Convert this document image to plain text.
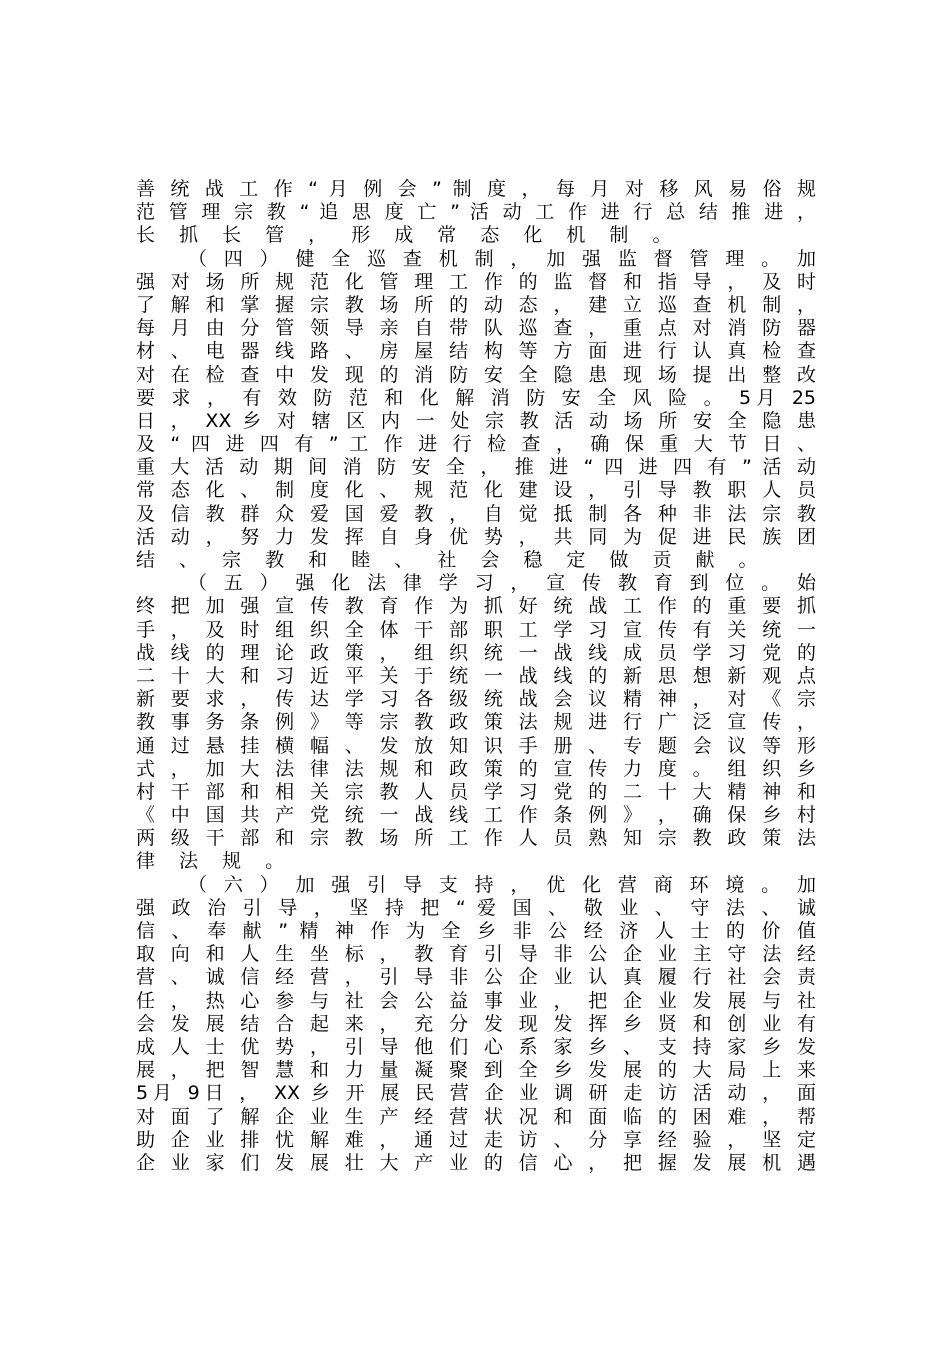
善 统 战 工 作 “ 月 例 会 ” 制 度 ， 每 月 对 移 风 易 俗 规
范 管 理 宗 教 “ 追 思 度 亡 ” 活 动 工 作 进 行 总 结 推 进 ，
长 抓 长 管 ， 形 成 常 态 化 机 制 。
（ 四 ） 健 全 巡 查 机 制 ， 加 强 监 督 管 理 。 加
强 对 场 所 规 范 化 管 理 工 作 的 监 督 和 指 导 ， 及 时
了 解 和 掌 握 宗 教 场 所 的 动 态 ， 建 立 巡 查 机 制 ，
每 月 由 分 管 领 导 亲 自 带 队 巡 查 ， 重 点 对 消 防 器
材 、 电 器 线 路 、 房 屋 结 构 等 方 面 进 行 认 真 检 查
对 在 检 查 中 发 现 的 消 防 安 全 隐 患 现 场 提 出 整 改
要 求 ， 有 效 防 范 和 化 解 消 防 安 全 风 险 。 5月 25
日 ， XX 乡 对 辖 区 内 一 处 宗 教 活 动 场 所 安 全 隐 患
及 “ 四 进 四 有 ” 工 作 进 行 检 查 ， 确 保 重 大 节 日 、
重 大 活 动 期 间 消 防 安 全 ， 推 进 “ 四 进 四 有 ” 活 动
常 态 化 、 制 度 化 、 规 范 化 建 设 ， 引 导 教 职 人 员
及 信 教 群 众 爱 国 爱 教 ， 自 觉 抵 制 各 种 非 法 宗 教
活 动 ， 努 力 发 挥 自 身 优 势 ， 共 同 为 促 进 民 族 团
结 、 宗 教 和 睦 、 社 会 稳 定 做 贡 献 。
（ 五 ） 强 化 法 律 学 习 ， 宣 传 教 育 到 位 。 始
终 把 加 强 宣 传 教 育 作 为 抓 好 统 战 工 作 的 重 要 抓
手 ， 及 时 组 织 全 体 干 部 职 工 学 习 宣 传 有 关 统 一
战 线 的 理 论 政 策 ， 组 织 统 一 战 线 成 员 学 习 党 的
二 十 大 和 习 近 平 关 于 统 一 战 线 的 新 思 想 新 观 点
新 要 求 ， 传 达 学 习 各 级 统 战 会 议 精 神 ， 对 《 宗
教 事 务 条 例 》 等 宗 教 政 策 法 规 进 行 广 泛 宣 传 ，
通 过 悬 挂 横 幅 、 发 放 知 识 手 册 、 专 题 会 议 等 形
式 ， 加 大 法 律 法 规 和 政 策 的 宣 传 力 度 。 组 织 乡
村 干 部 和 相 关 宗 教 人 员 学 习 党 的 二 十 大 精 神 和
《 中 国 共 产 党 统 一 战 线 工 作 条 例 》 ， 确 保 乡 村
两 级 干 部 和 宗 教 场 所 工 作 人 员 熟 知 宗 教 政 策 法
律 法 规 。
（ 六 ） 加 强 引 导 支 持 ， 优 化 营 商 环 境 。 加
强 政 治 引 导 ， 坚 持 把 “ 爱 国 、 敬 业 、 守 法 、 诚
信 、 奉 献 ” 精 神 作 为 全 乡 非 公 经 济 人 士 的 价 值
取 向 和 人 生 坐 标 ， 教 育 引 导 非 公 企 业 主 守 法 经
营 、 诚 信 经 营 ， 引 导 非 公 企 业 认 真 履 行 社 会 责
任 ， 热 心 参 与 社 会 公 益 事 业 ， 把 企 业 发 展 与 社
会 发 展 结 合 起 来 ， 充 分 发 现 发 挥 乡 贤 和 创 业 有
成 人 士 优 势 ， 引 导 他 们 心 系 家 乡 、 支 持 家 乡 发
展 ， 把 智 慧 和 力 量 凝 聚 到 全 乡 发 展 的 大 局 上 来
5月 9日 ， XX 乡 开 展 民 营 企 业 调 研 走 访 活 动 ， 面
对 面 了 解 企 业 生 产 经 营 状 况 和 面 临 的 困 难 ， 帮
助 企 业 排 忧 解 难 ， 通 过 走 访 、 分 享 经 验 ， 坚 定
企 业 家 们 发 展 壮 大 产 业 的 信 心 ， 把 握 发 展 机 遇
